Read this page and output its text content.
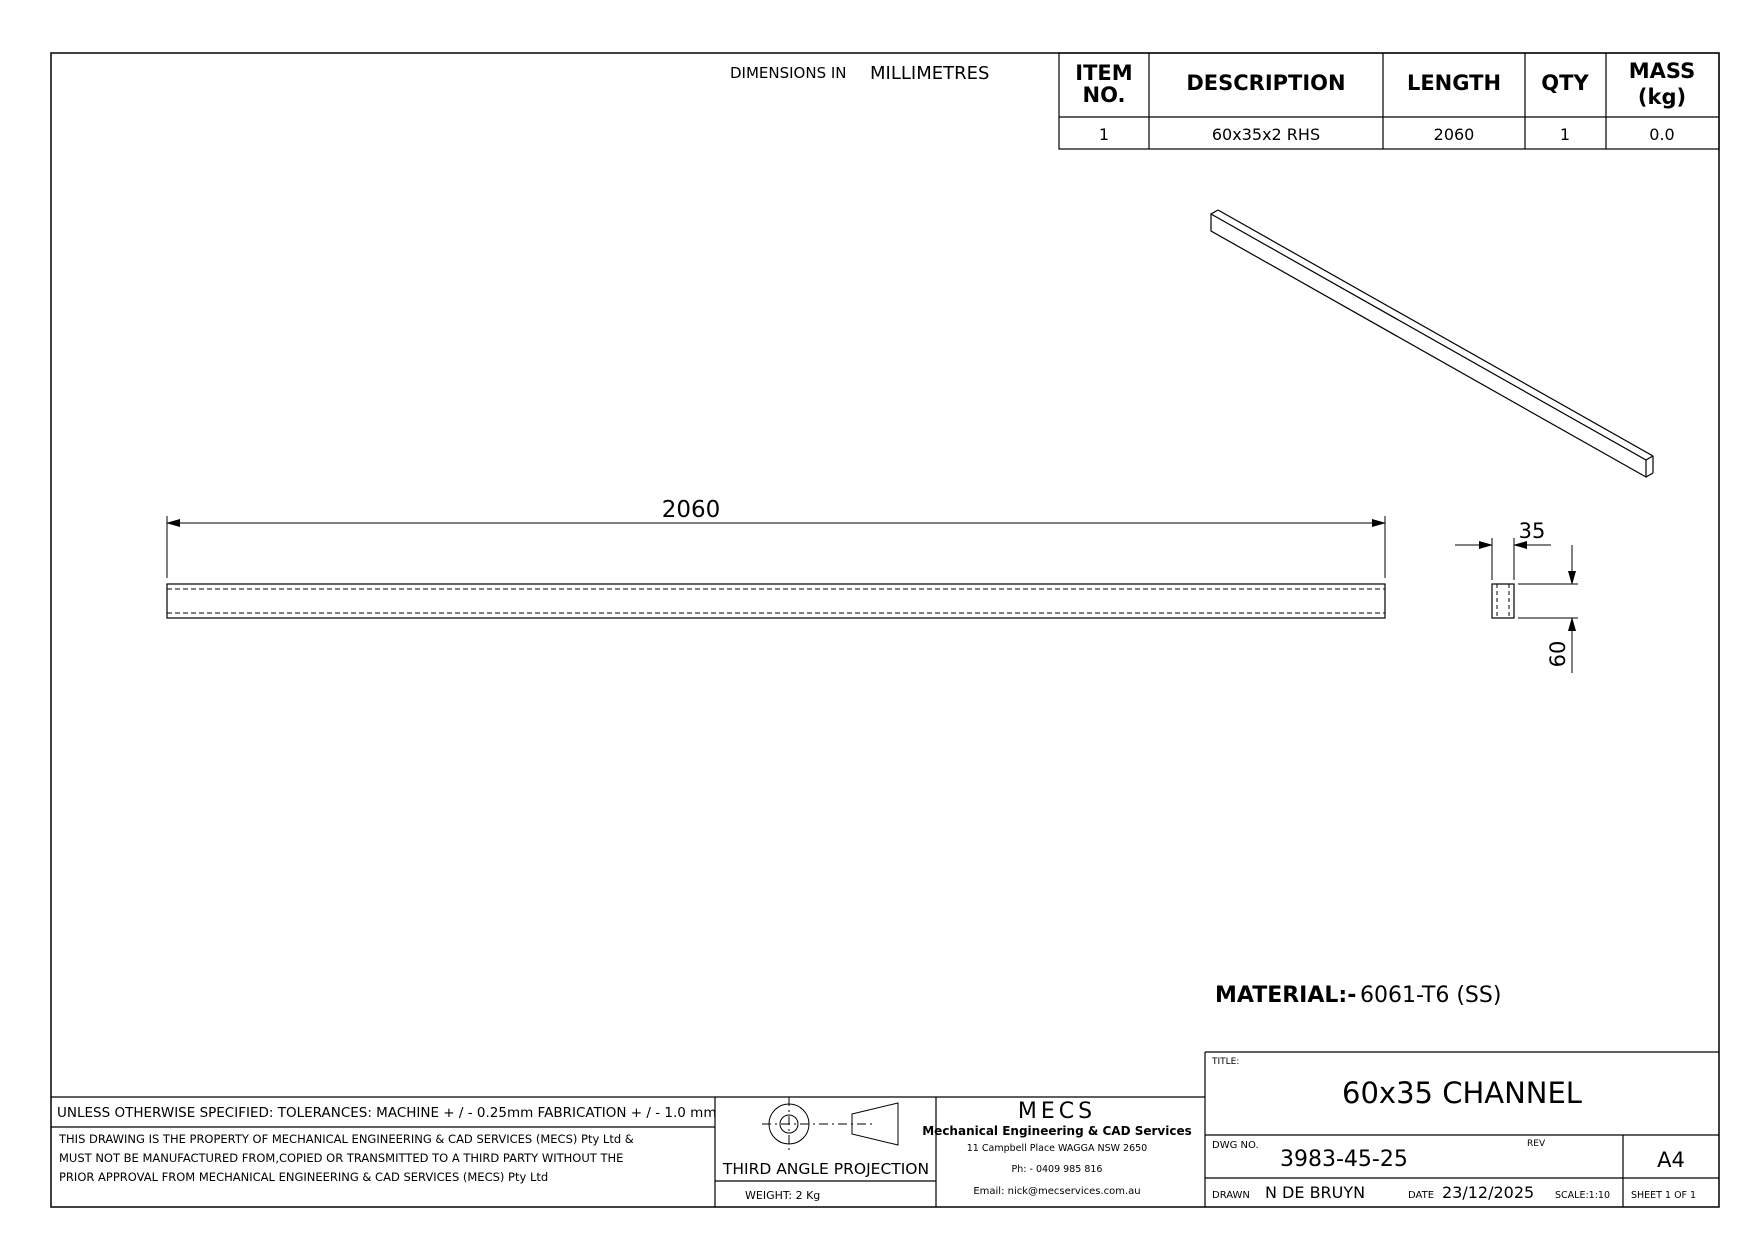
DIMENSIONS IN MILLIMETRES	ITEM
NO.	DESCRIPTION	LENGTH QTY MASS
(kg)
1	60x35x2 RHS	2060	1	0.0
2060
35
60
MATERIAL:- 6061-T6 (SS)
UNLESS OTHERWISE SPECIFIED: TOLERANCES: MACHINE + / - 0.25mm FABRICATION + / - 1.0 mm
THIS DRAWING IS THE PROPERTY OF MECHANICAL ENGINEERING & CAD SERVICES (MECS) Pty Ltd &
MUST NOT BE MANUFACTURED FROM,COPIED OR TRANSMITTED TO A THIRD PARTY WITHOUT THE
PRIOR APPROVAL FROM MECHANICAL ENGINEERING & CAD SERVICES (MECS) Pty Ltd	THIRD ANGLE PROJECTION
WEIGHT: 2 Kg
MECS
Mechanical Engineering & CAD Services
11 Campbell Place WAGGA NSW 2650
Ph: - 0409 985 816
Email: nick@mecservices.com.au
TITLE:
60x35 CHANNEL
DWG NO.
3983-45-25
REV
A4
DRAWN N DE BRUYN	DATE 23/12/2025 SCALE:1:10 SHEET 1 OF 1
